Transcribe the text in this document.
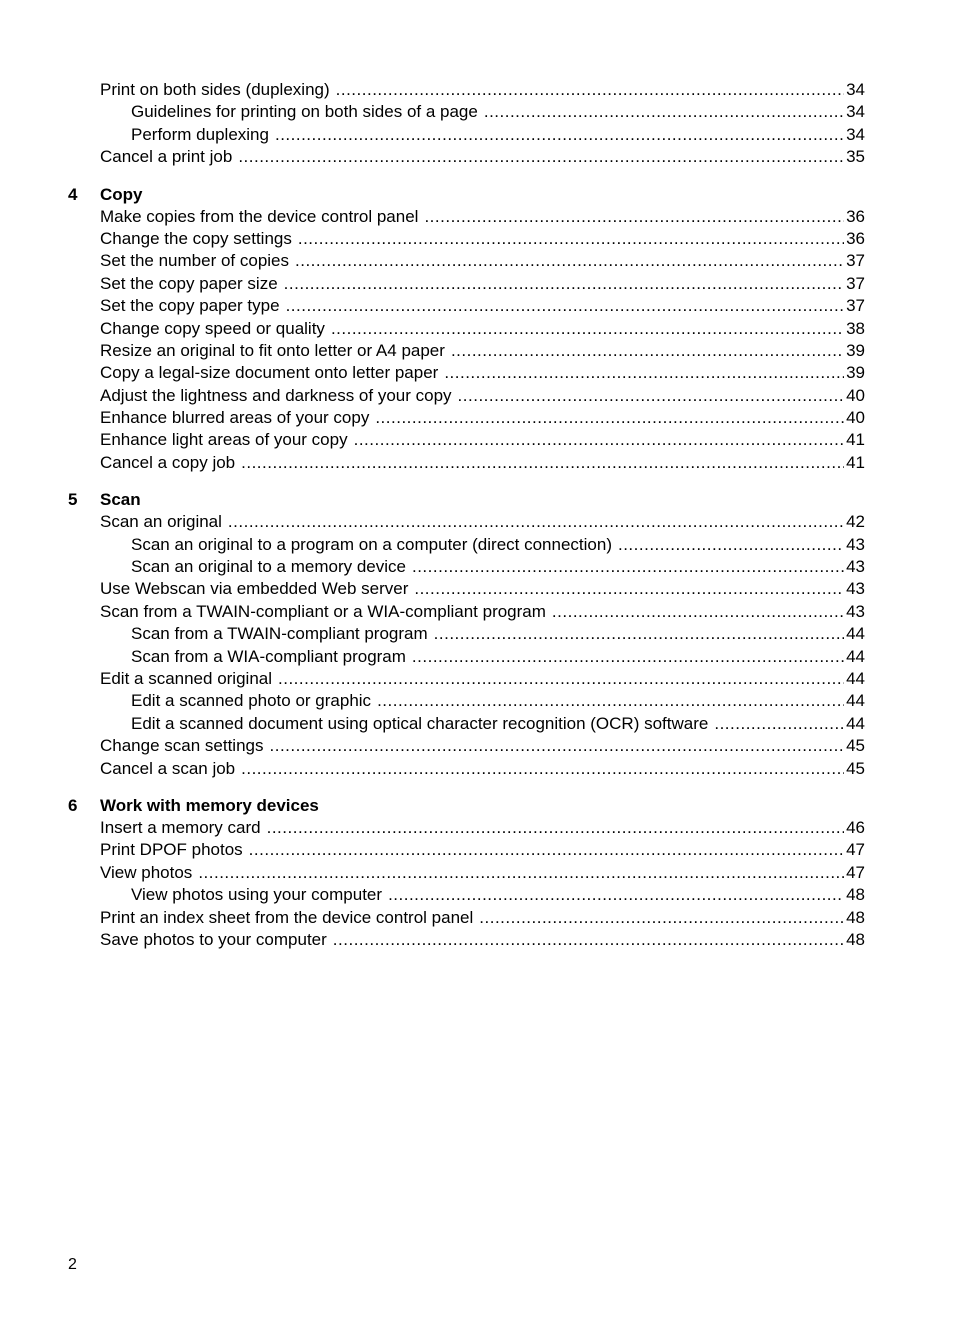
Print on both sides (duplexing) .....	34
Guidelines for printing on both sides of a page .....	34
Perform duplexing .....	34
Cancel a print job .....	35
4	Copy
Make copies from the device control panel .....	36
Change the copy settings .....	36
Set the number of copies .....	37
Set the copy paper size .....	37
Set the copy paper type .....	37
Change copy speed or quality .....	38
Resize an original to fit onto letter or A4 paper .....	39
Copy a legal-size document onto letter paper .....	39
Adjust the lightness and darkness of your copy .....	40
Enhance blurred areas of your copy .....	40
Enhance light areas of your copy .....	41
Cancel a copy job .....	41
5	Scan
Scan an original .....	42
Scan an original to a program on a computer (direct connection) .....	43
Scan an original to a memory device .....	43
Use Webscan via embedded Web server .....	43
Scan from a TWAIN-compliant or a WIA-compliant program .....	43
Scan from a TWAIN-compliant program .....	44
Scan from a WIA-compliant program .....	44
Edit a scanned original .....	44
Edit a scanned photo or graphic .....	44
Edit a scanned document using optical character recognition (OCR) software .....	44
Change scan settings .....	45
Cancel a scan job .....	45
6	Work with memory devices
Insert a memory card .....	46
Print DPOF photos .....	47
View photos .....	47
View photos using your computer .....	48
Print an index sheet from the device control panel .....	48
Save photos to your computer .....	48
2
